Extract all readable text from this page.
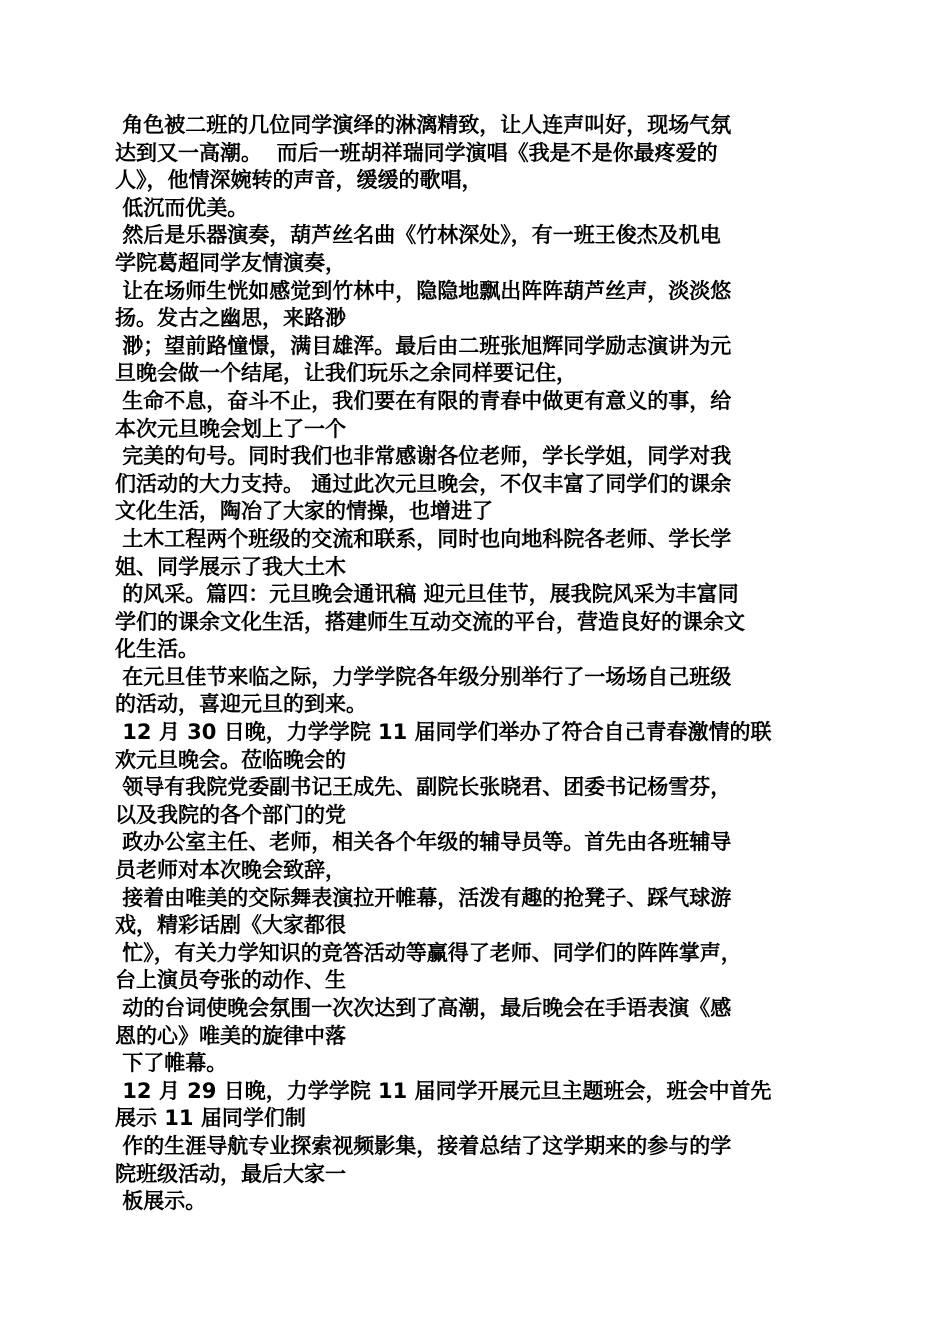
角色被二班的几位同学演绎的淋漓精致，让人连声叫好，现场气氛
达到又一高潮。  而后一班胡祥瑞同学演唱《我是不是你最疼爱的
人》，他情深婉转的声音，缓缓的歌唱，
低沉而优美。
然后是乐器演奏，葫芦丝名曲《竹林深处》，有一班王俊杰及机电
学院葛超同学友情演奏，
让在场师生恍如感觉到竹林中，隐隐地飘出阵阵葫芦丝声，淡淡悠
扬。发古之幽思，来路渺
渺；望前路憧憬，满目雄浑。最后由二班张旭辉同学励志演讲为元
旦晚会做一个结尾，让我们玩乐之余同样要记住，
生命不息，奋斗不止，我们要在有限的青春中做更有意义的事，给
本次元旦晚会划上了一个
完美的句号。同时我们也非常感谢各位老师，学长学姐，同学对我
们活动的大力支持。 通过此次元旦晚会，不仅丰富了同学们的课余
文化生活，陶冶了大家的情操，也增进了
土木工程两个班级的交流和联系，同时也向地科院各老师、学长学
姐、同学展示了我大土木
的风采。篇四：元旦晚会通讯稿 迎元旦佳节，展我院风采为丰富同
学们的课余文化生活，搭建师生互动交流的平台，营造良好的课余文
化生活。
在元旦佳节来临之际，力学学院各年级分别举行了一场场自己班级
的活动，喜迎元旦的到来。
12 月 30 日晚，力学学院 11 届同学们举办了符合自己青春激情的联
欢元旦晚会。莅临晚会的
领导有我院党委副书记王成先、副院长张晓君、团委书记杨雪芬，
以及我院的各个部门的党
政办公室主任、老师，相关各个年级的辅导员等。首先由各班辅导
员老师对本次晚会致辞，
接着由唯美的交际舞表演拉开帷幕，活泼有趣的抢凳子、踩气球游
戏，精彩话剧《大家都很
忙》，有关力学知识的竞答活动等赢得了老师、同学们的阵阵掌声，
台上演员夸张的动作、生
动的台词使晚会氛围一次次达到了高潮，最后晚会在手语表演《感
恩的心》唯美的旋律中落
下了帷幕。
12 月 29 日晚，力学学院 11 届同学开展元旦主题班会，班会中首先
展示 11 届同学们制
作的生涯导航专业探索视频影集，接着总结了这学期来的参与的学
院班级活动，最后大家一
板展示。
